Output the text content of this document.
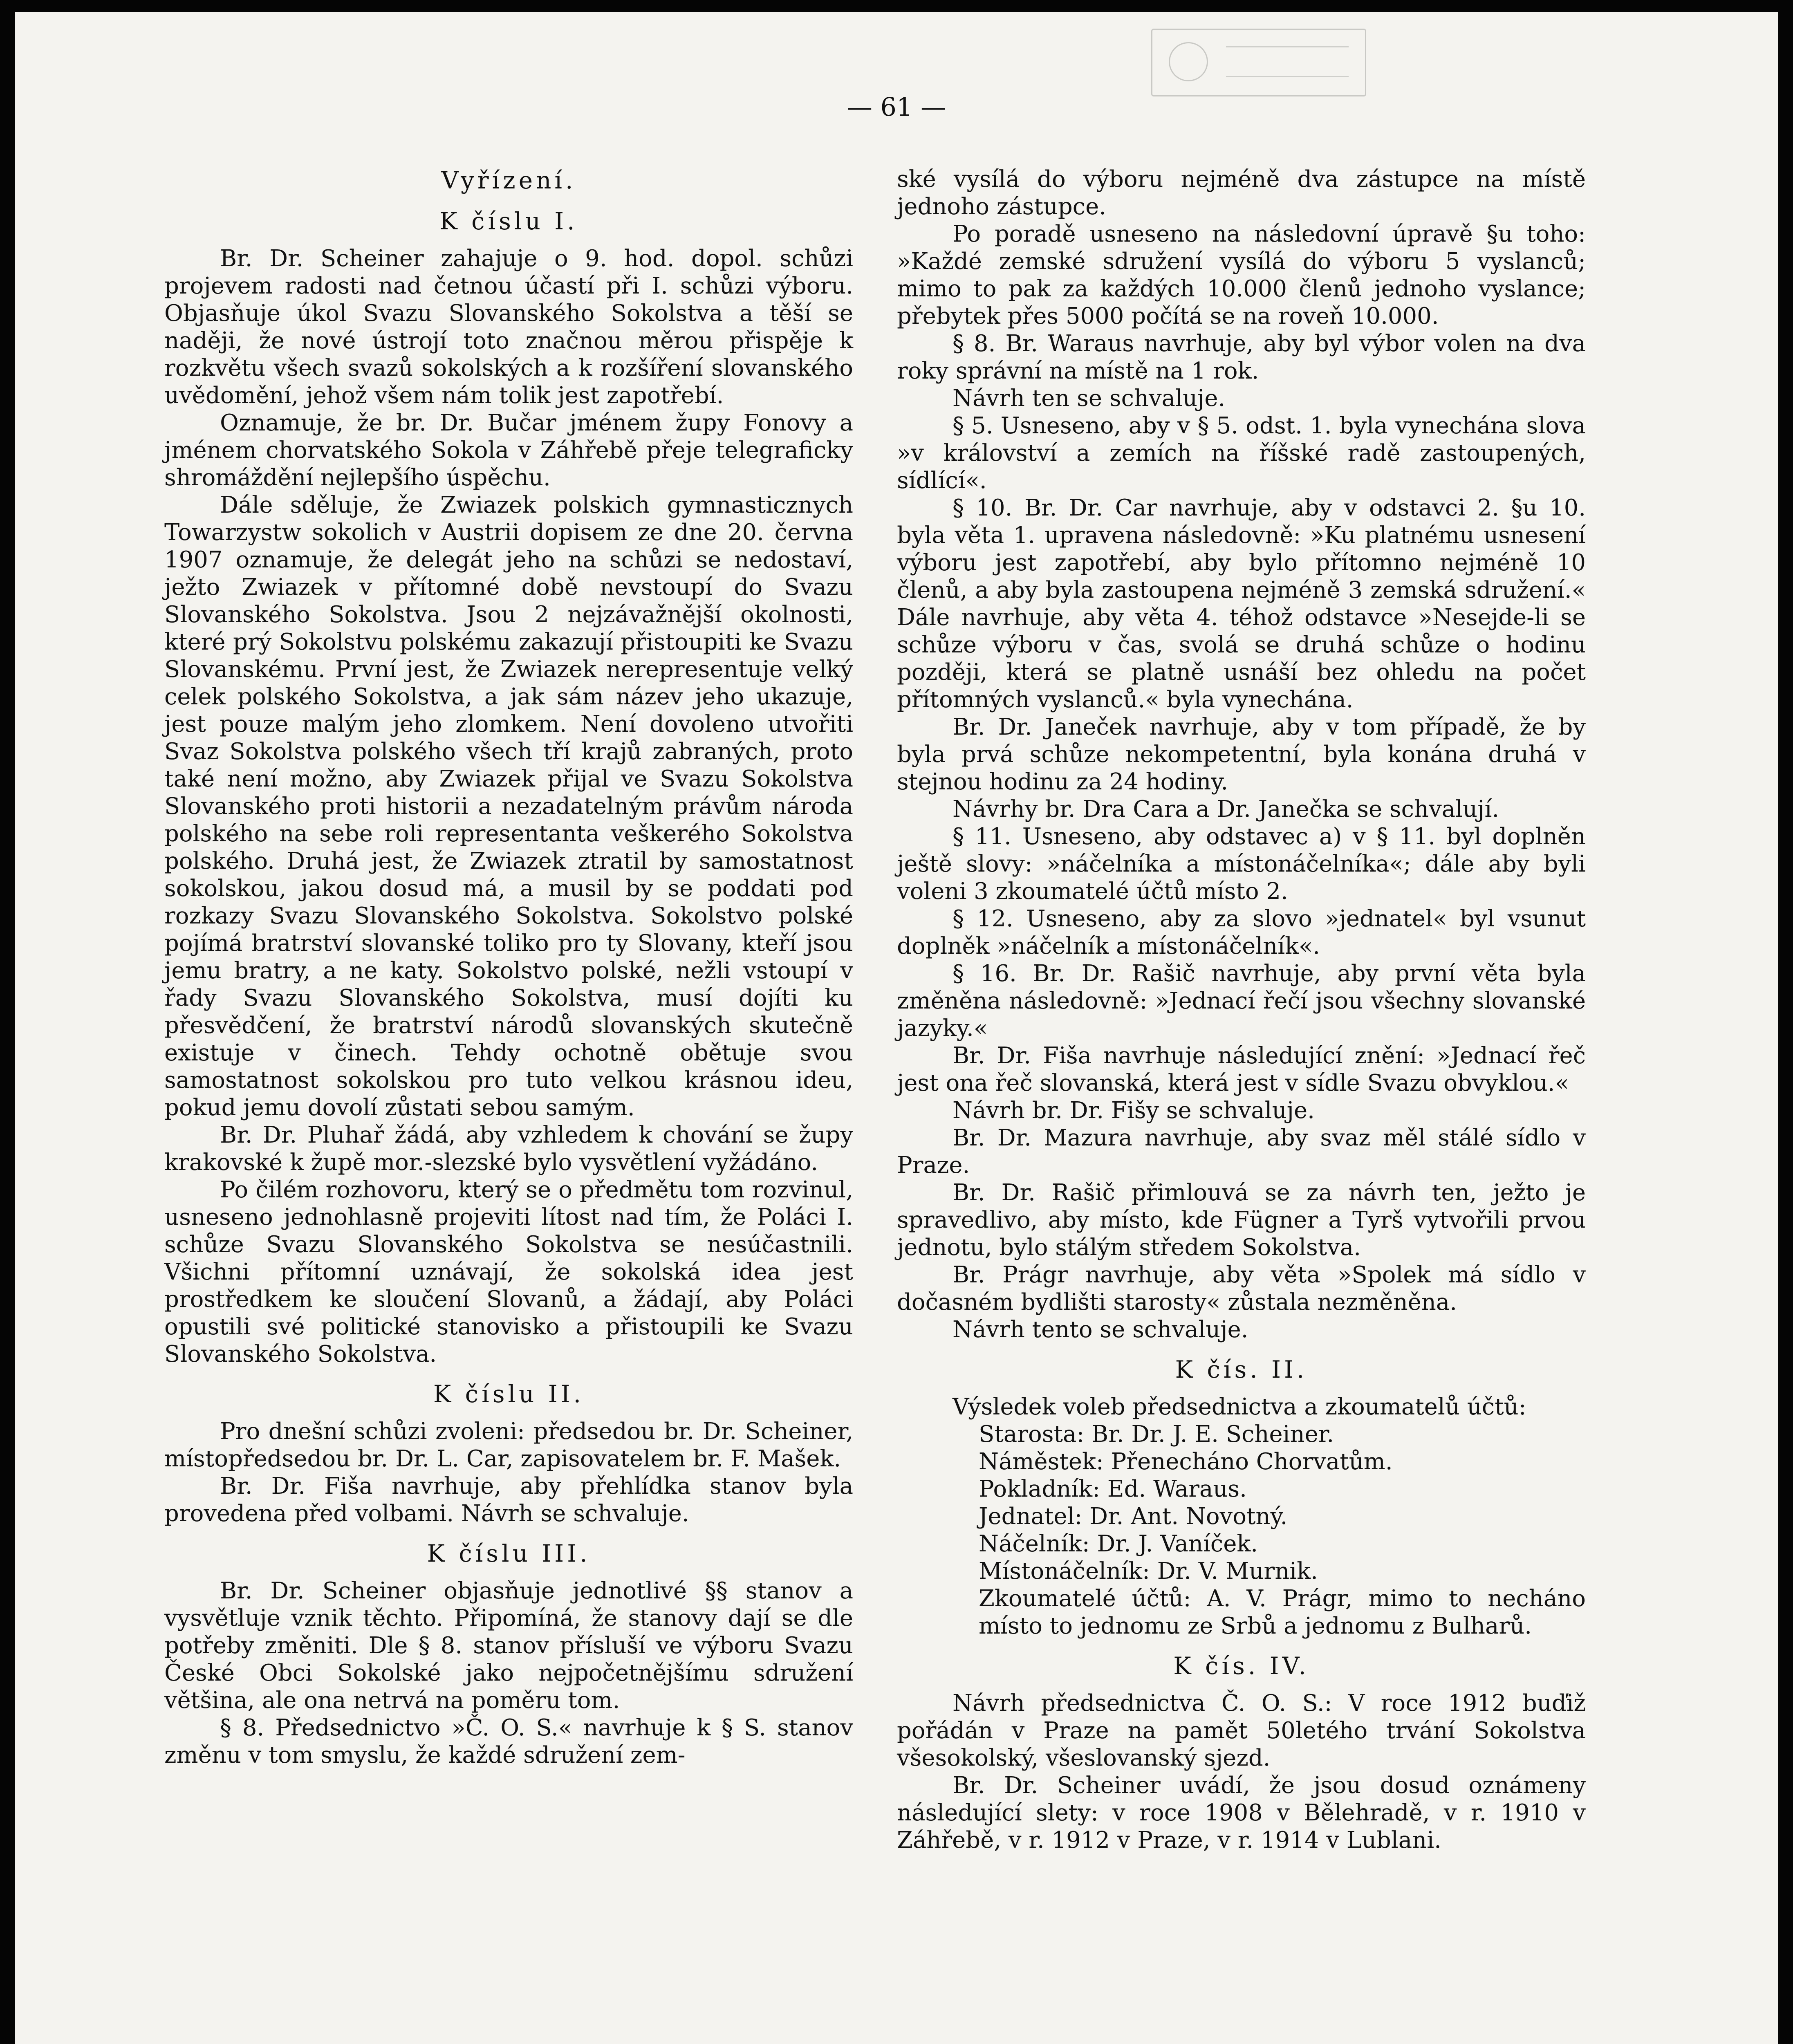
— 61 —
Vyřízení.
K číslu I.

Br. Dr. Scheiner zahajuje o 9. hod. dopol. schůzi projevem radosti nad četnou účastí při I. schůzi výboru. Objasňuje úkol Svazu Slovanského Sokolstva a těší se naději, že nové ústrojí toto značnou měrou přispěje k rozkvětu všech svazů sokolských a k rozšíření slovanského uvědomění, jehož všem nám tolik jest zapotřebí.

Oznamuje, že br. Dr. Bučar jménem župy Fonovy a jménem chorvatského Sokola v Záhřebě přeje telegraficky shromáždění nejlepšího úspěchu.

Dále sděluje, že Zwiazek polskich gymnasticznych Towarzystw sokolich v Austrii dopisem ze dne 20. června 1907 oznamuje, že delegát jeho na schůzi se nedostaví, ježto Zwiazek v přítomné době nevstoupí do Svazu Slovanského Sokolstva. Jsou 2 nejzávažnější okolnosti, které prý Sokolstvu polskému zakazují přistoupiti ke Svazu Slovanskému. První jest, že Zwiazek nerepresentuje velký celek polského Sokolstva, a jak sám název jeho ukazuje, jest pouze malým jeho zlomkem. Není dovoleno utvořiti Svaz Sokolstva polského všech tří krajů zabraných, proto také není možno, aby Zwiazek přijal ve Svazu Sokolstva Slovanského proti historii a nezadatelným právům národa polského na sebe roli representanta veškerého Sokolstva polského. Druhá jest, že Zwiazek ztratil by samostatnost sokolskou, jakou dosud má, a musil by se poddati pod rozkazy Svazu Slovanského Sokolstva. Sokolstvo polské pojímá bratrství slovanské toliko pro ty Slovany, kteří jsou jemu bratry, a ne katy. Sokolstvo polské, nežli vstoupí v řady Svazu Slovanského Sokolstva, musí dojíti ku přesvědčení, že bratrství národů slovanských skutečně existuje v činech. Tehdy ochotně obětuje svou samostatnost sokolskou pro tuto velkou krásnou ideu, pokud jemu dovolí zůstati sebou samým.

Br. Dr. Pluhař žádá, aby vzhledem k chování se župy krakovské k župě mor.-slezské bylo vysvětlení vyžádáno.

Po čilém rozhovoru, který se o předmětu tom rozvinul, usneseno jednohlasně projeviti lítost nad tím, že Poláci I. schůze Svazu Slovanského Sokolstva se nesúčastnili. Všichni přítomní uznávají, že sokolská idea jest prostředkem ke sloučení Slovanů, a žádají, aby Poláci opustili své politické stanovisko a přistoupili ke Svazu Slovanského Sokolstva.

K číslu II.

Pro dnešní schůzi zvoleni: předsedou br. Dr. Scheiner, místopředsedou br. Dr. L. Car, zapisovatelem br. F. Mašek.

Br. Dr. Fiša navrhuje, aby přehlídka stanov byla provedena před volbami. Návrh se schvaluje.

K číslu III.

Br. Dr. Scheiner objasňuje jednotlivé §§ stanov a vysvětluje vznik těchto. Připomíná, že stanovy dají se dle potřeby změniti. Dle § 8. stanov přísluší ve výboru Svazu České Obci Sokolské jako nejpočetnějšímu sdružení většina, ale ona netrvá na poměru tom.

§ 8. Předsednictvo »Č. O. S.« navrhuje k § S. stanov změnu v tom smyslu, že každé sdružení zem-

ské vysílá do výboru nejméně dva zástupce na místě jednoho zástupce.

Po poradě usneseno na následovní úpravě §u toho: »Každé zemské sdružení vysílá do výboru 5 vyslanců; mimo to pak za každých 10.000 členů jednoho vyslance; přebytek přes 5000 počítá se na roveň 10.000.

§ 8. Br. Waraus navrhuje, aby byl výbor volen na dva roky správní na místě na 1 rok.

Návrh ten se schvaluje.

§ 5. Usneseno, aby v § 5. odst. 1. byla vynechána slova »v království a zemích na říšské radě zastoupených, sídlící«.

§ 10. Br. Dr. Car navrhuje, aby v odstavci 2. §u 10. byla věta 1. upravena následovně: »Ku platnému usnesení výboru jest zapotřebí, aby bylo přítomno nejméně 10 členů, a aby byla zastoupena nejméně 3 zemská sdružení.« Dále navrhuje, aby věta 4. téhož odstavce »Nesejde-li se schůze výboru v čas, svolá se druhá schůze o hodinu později, která se platně usnáší bez ohledu na počet přítomných vyslanců.« byla vynechána.

Br. Dr. Janeček navrhuje, aby v tom případě, že by byla prvá schůze nekompetentní, byla konána druhá v stejnou hodinu za 24 hodiny.

Návrhy br. Dra Cara a Dr. Janečka se schvalují.

§ 11. Usneseno, aby odstavec a) v § 11. byl doplněn ještě slovy: »náčelníka a místonáčelníka«; dále aby byli voleni 3 zkoumatelé účtů místo 2.

§ 12. Usneseno, aby za slovo »jednatel« byl vsunut doplněk »náčelník a místonáčelník«.

§ 16. Br. Dr. Rašič navrhuje, aby první věta byla změněna následovně: »Jednací řečí jsou všechny slovanské jazyky.«

Br. Dr. Fiša navrhuje následující znění: »Jednací řeč jest ona řeč slovanská, která jest v sídle Svazu obvyklou.«

Návrh br. Dr. Fišy se schvaluje.

Br. Dr. Mazura navrhuje, aby svaz měl stálé sídlo v Praze.

Br. Dr. Rašič přimlouvá se za návrh ten, ježto je spravedlivo, aby místo, kde Fügner a Tyrš vytvořili prvou jednotu, bylo stálým středem Sokolstva.

Br. Prágr navrhuje, aby věta »Spolek má sídlo v dočasném bydlišti starosty« zůstala nezměněna.

Návrh tento se schvaluje.

K čís. II.

Výsledek voleb předsednictva a zkoumatelů účtů:

Starosta: Br. Dr. J. E. Scheiner.

Náměstek: Přenecháno Chorvatům.

Pokladník: Ed. Waraus.

Jednatel: Dr. Ant. Novotný.

Náčelník: Dr. J. Vaníček.

Místonáčelník: Dr. V. Murnik.

Zkoumatelé účtů: A. V. Prágr, mimo to necháno místo to jednomu ze Srbů a jednomu z Bulharů.

K čís. IV.

Návrh předsednictva Č. O. S.: V roce 1912 buďiž pořádán v Praze na pamět 50letého trvání Sokolstva všesokolský, všeslovanský sjezd.

Br. Dr. Scheiner uvádí, že jsou dosud oznámeny následující slety: v roce 1908 v Bělehradě, v r. 1910 v Záhřebě, v r. 1912 v Praze, v r. 1914 v Lublani.
